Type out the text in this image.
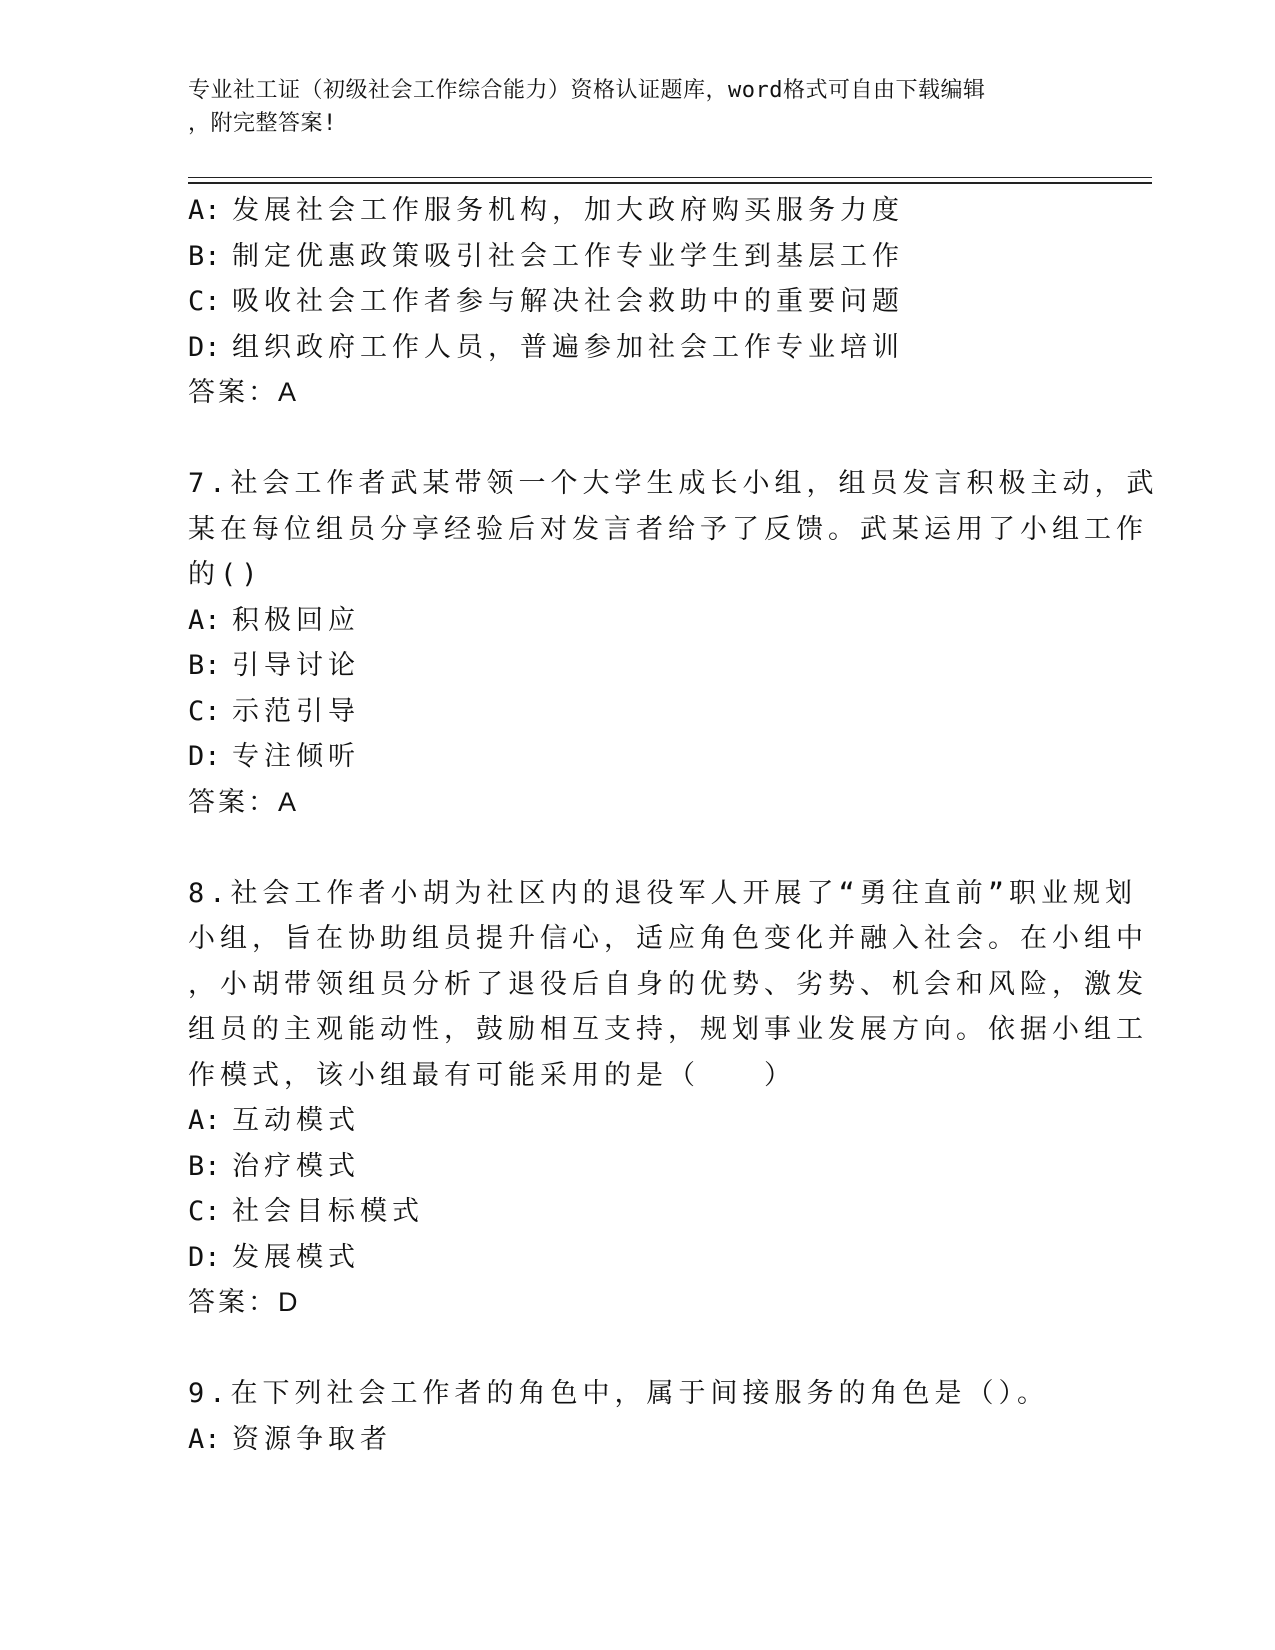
专业社工证（初级社会工作综合能力）资格认证题库，word格式可自由下载编辑
，附完整答案!
A: 发展社会工作服务机构，加大政府购买服务力度
B: 制定优惠政策吸引社会工作专业学生到基层工作
C: 吸收社会工作者参与解决社会救助中的重要问题
D: 组织政府工作人员，普遍参加社会工作专业培训
答案：A
7.社会工作者武某带领一个大学生成长小组，组员发言积极主动，武
某在每位组员分享经验后对发言者给予了反馈。武某运用了小组工作
的()
A: 积极回应
B: 引导讨论
C: 示范引导
D: 专注倾听
答案：A
8.社会工作者小胡为社区内的退役军人开展了“勇往直前”职业规划
小组，旨在协助组员提升信心，适应角色变化并融入社会。在小组中
，小胡带领组员分析了退役后自身的优势、劣势、机会和风险，激发
组员的主观能动性，鼓励相互支持，规划事业发展方向。依据小组工
作模式，该小组最有可能采用的是（　　）
A: 互动模式
B: 治疗模式
C: 社会目标模式
D: 发展模式
答案：D
9.在下列社会工作者的角色中，属于间接服务的角色是（）。
A: 资源争取者
